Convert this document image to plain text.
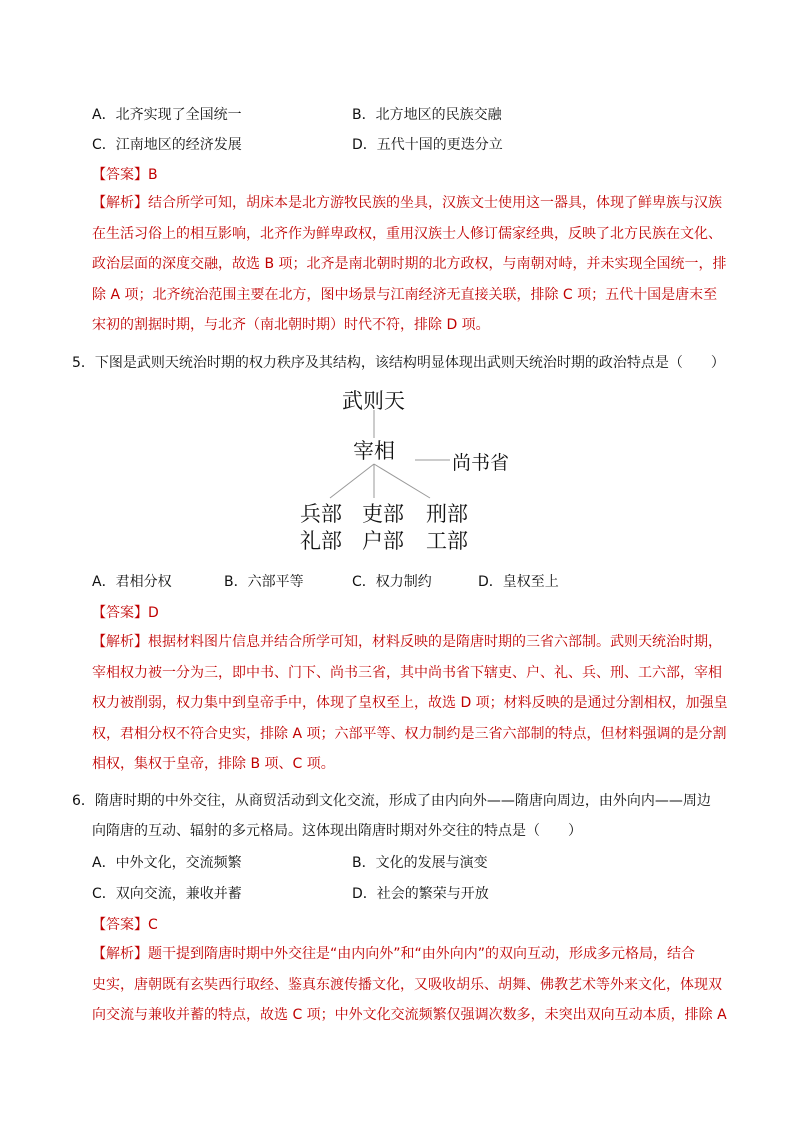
A．北齐实现了全国统一	B．北方地区的民族交融
C．江南地区的经济发展	D．五代十国的更迭分立
【答案】B
【解析】结合所学可知，胡床本是北方游牧民族的坐具，汉族文士使用这一器具，体现了鲜卑族与汉族
在生活习俗上的相互影响，北齐作为鲜卑政权，重用汉族士人修订儒家经典，反映了北方民族在文化、
政治层面的深度交融，故选 B 项；北齐是南北朝时期的北方政权，与南朝对峙，并未实现全国统一，排
除 A 项；北齐统治范围主要在北方，图中场景与江南经济无直接关联，排除 C 项；五代十国是唐末至
宋初的割据时期，与北齐（南北朝时期）时代不符，排除 D 项。
5．下图是武则天统治时期的权力秩序及其结构，该结构明显体现出武则天统治时期的政治特点是（　　）
武则天
宰相	尚书省
兵部
礼部
吏部
户部
刑部
工部
A．君相分权	B．六部平等	C．权力制约	D．皇权至上
【答案】D
【解析】根据材料图片信息并结合所学可知，材料反映的是隋唐时期的三省六部制。武则天统治时期，
宰相权力被一分为三，即中书、门下、尚书三省，其中尚书省下辖吏、户、礼、兵、刑、工六部，宰相
权力被削弱，权力集中到皇帝手中，体现了皇权至上，故选 D 项；材料反映的是通过分割相权，加强皇
权，君相分权不符合史实，排除 A 项；六部平等、权力制约是三省六部制的特点，但材料强调的是分割
相权，集权于皇帝，排除 B 项、C 项。
6．隋唐时期的中外交往，从商贸活动到文化交流，形成了由内向外——隋唐向周边，由外向内——周边
向隋唐的互动、辐射的多元格局。这体现出隋唐时期对外交往的特点是（　　）
A．中外文化，交流频繁	B．文化的发展与演变
C．双向交流，兼收并蓄	D．社会的繁荣与开放
【答案】C
【解析】题干提到隋唐时期中外交往是“由内向外”和“由外向内”的双向互动，形成多元格局，结合
史实，唐朝既有玄奘西行取经、鉴真东渡传播文化，又吸收胡乐、胡舞、佛教艺术等外来文化，体现双
向交流与兼收并蓄的特点，故选 C 项；中外文化交流频繁仅强调次数多，未突出双向互动本质，排除 A
